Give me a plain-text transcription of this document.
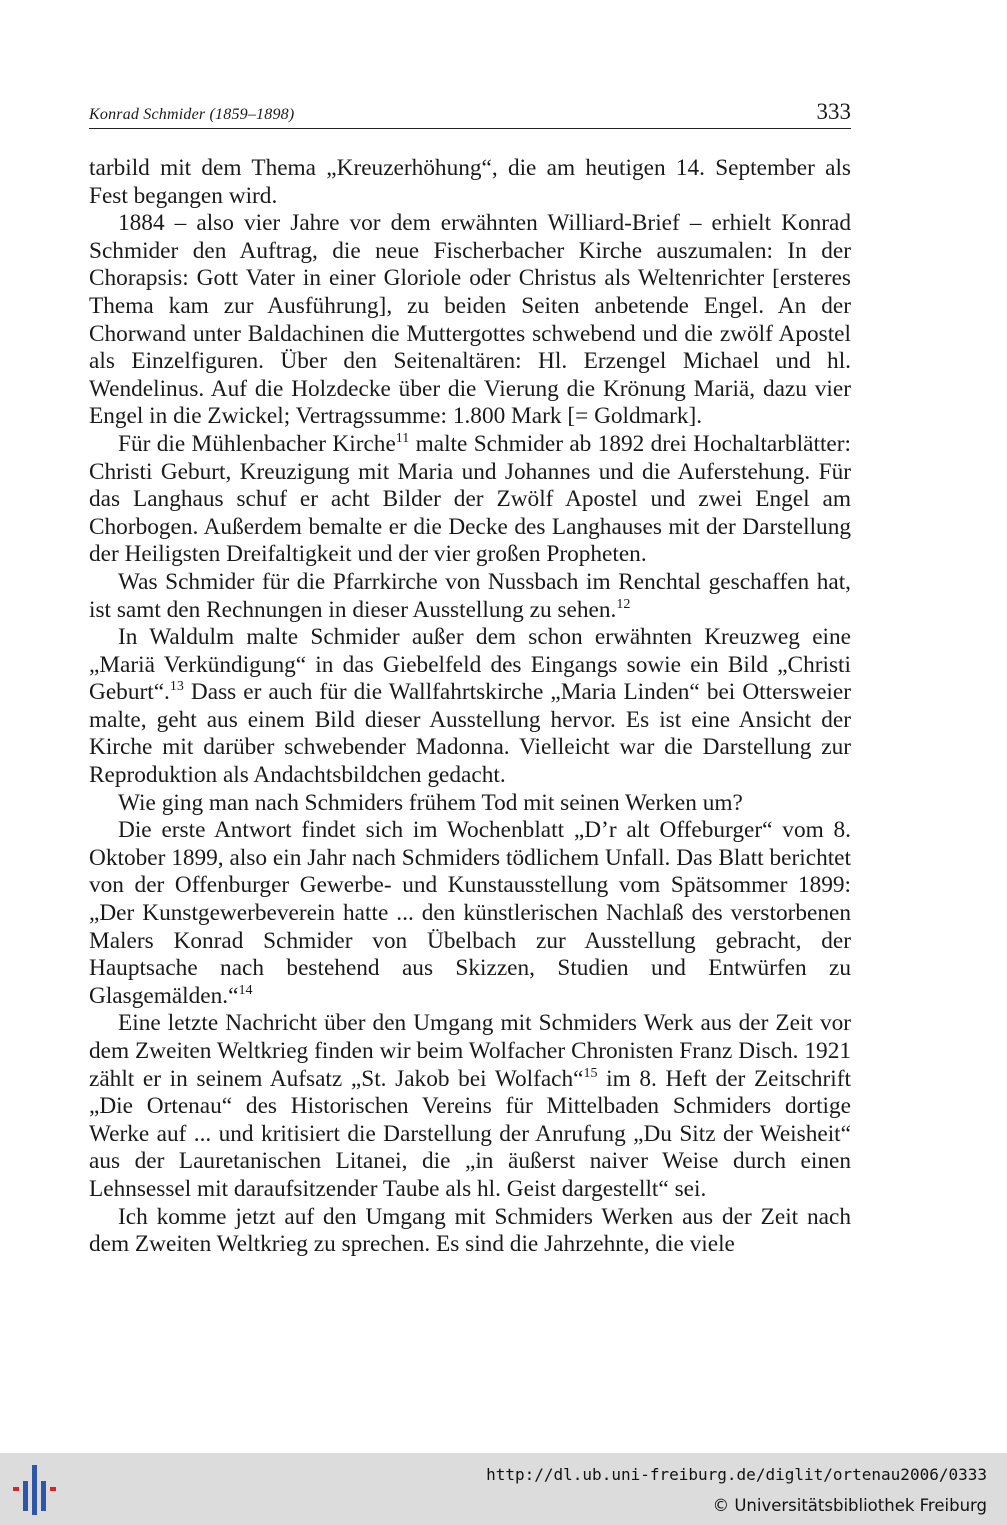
Konrad Schmider (1859–1898)	333

tarbild mit dem Thema „Kreuzerhöhung“, die am heutigen 14. September als Fest begangen wird.

1884 – also vier Jahre vor dem erwähnten Williard-Brief – erhielt Konrad Schmider den Auftrag, die neue Fischerbacher Kirche auszumalen: In der Chorapsis: Gott Vater in einer Gloriole oder Christus als Weltenrichter [ersteres Thema kam zur Ausführung], zu beiden Seiten anbetende Engel. An der Chorwand unter Baldachinen die Muttergottes schwebend und die zwölf Apostel als Einzelfiguren. Über den Seitenaltären: Hl. Erzengel Michael und hl. Wendelinus. Auf die Holzdecke über die Vierung die Krönung Mariä, dazu vier Engel in die Zwickel; Vertragssumme: 1.800 Mark [= Goldmark].

Für die Mühlenbacher Kirche$^{11}$ malte Schmider ab 1892 drei Hochaltarblätter: Christi Geburt, Kreuzigung mit Maria und Johannes und die Auferstehung. Für das Langhaus schuf er acht Bilder der Zwölf Apostel und zwei Engel am Chorbogen. Außerdem bemalte er die Decke des Langhauses mit der Darstellung der Heiligsten Dreifaltigkeit und der vier großen Propheten.

Was Schmider für die Pfarrkirche von Nussbach im Renchtal geschaffen hat, ist samt den Rechnungen in dieser Ausstellung zu sehen.$^{12}$

In Waldulm malte Schmider außer dem schon erwähnten Kreuzweg eine „Mariä Verkündigung“ in das Giebelfeld des Eingangs sowie ein Bild „Christi Geburt“.$^{13}$ Dass er auch für die Wallfahrtskirche „Maria Linden“ bei Ottersweier malte, geht aus einem Bild dieser Ausstellung hervor. Es ist eine Ansicht der Kirche mit darüber schwebender Madonna. Vielleicht war die Darstellung zur Reproduktion als Andachtsbildchen gedacht.

Wie ging man nach Schmiders frühem Tod mit seinen Werken um?

Die erste Antwort findet sich im Wochenblatt „D’r alt Offeburger“ vom 8. Oktober 1899, also ein Jahr nach Schmiders tödlichem Unfall. Das Blatt berichtet von der Offenburger Gewerbe- und Kunstausstellung vom Spätsommer 1899: „Der Kunstgewerbeverein hatte ... den künstlerischen Nachlaß des verstorbenen Malers Konrad Schmider von Übelbach zur Ausstellung gebracht, der Hauptsache nach bestehend aus Skizzen, Studien und Entwürfen zu Glasgemälden.“$^{14}$

Eine letzte Nachricht über den Umgang mit Schmiders Werk aus der Zeit vor dem Zweiten Weltkrieg finden wir beim Wolfacher Chronisten Franz Disch. 1921 zählt er in seinem Aufsatz „St. Jakob bei Wolfach“$^{15}$ im 8. Heft der Zeitschrift „Die Ortenau“ des Historischen Vereins für Mittelbaden Schmiders dortige Werke auf ... und kritisiert die Darstellung der Anrufung „Du Sitz der Weisheit“ aus der Lauretanischen Litanei, die „in äußerst naiver Weise durch einen Lehnsessel mit daraufsitzender Taube als hl. Geist dargestellt“ sei.

Ich komme jetzt auf den Umgang mit Schmiders Werken aus der Zeit nach dem Zweiten Weltkrieg zu sprechen. Es sind die Jahrzehnte, die viele

http://dl.ub.uni-freiburg.de/diglit/ortenau2006/0333
© Universitätsbibliothek Freiburg
